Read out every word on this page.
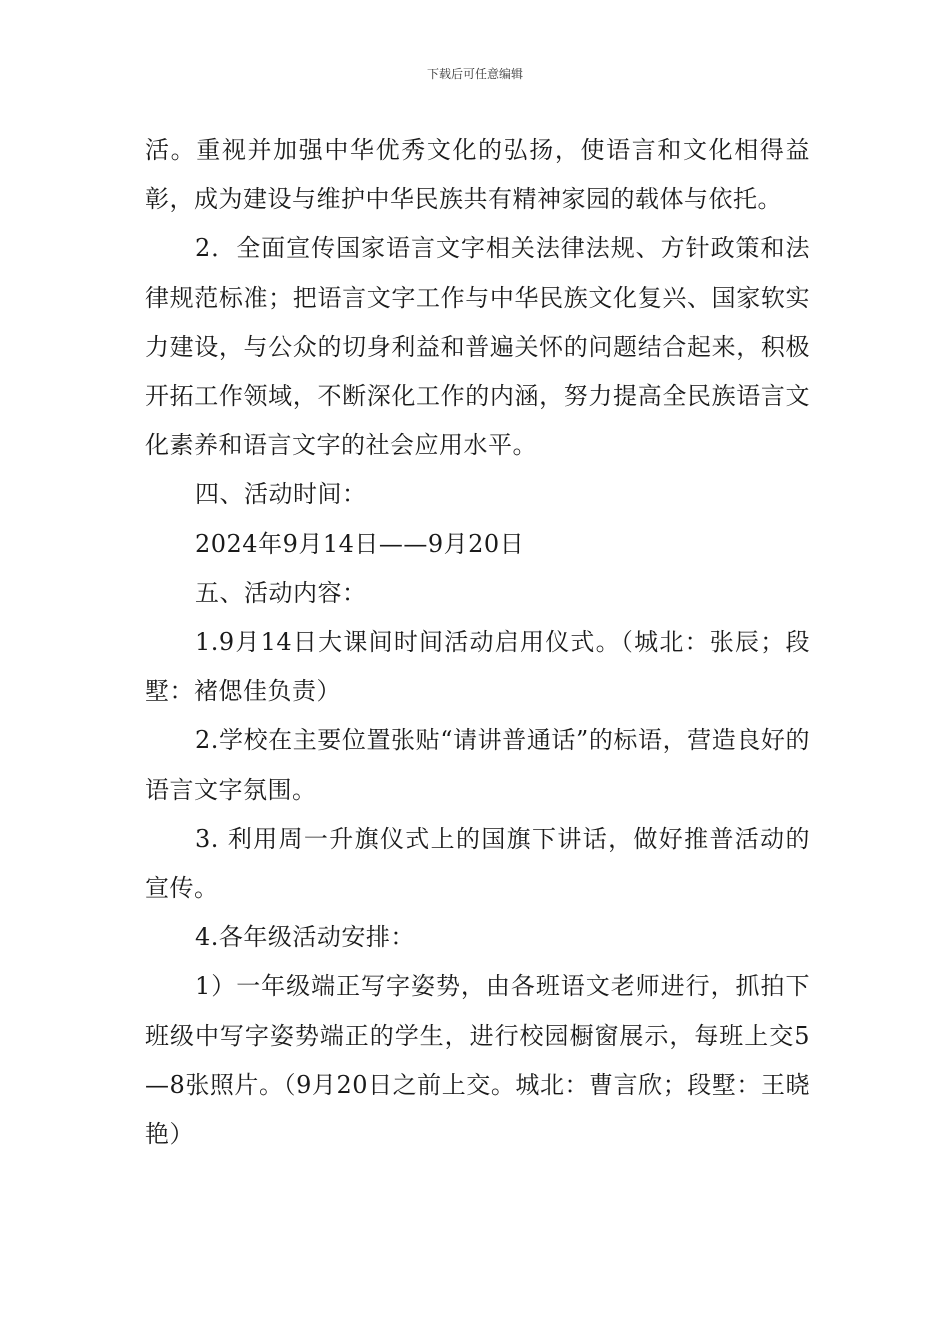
下载后可任意编辑

活。重视并加强中华优秀文化的弘扬，使语言和文化相得益彰，成为建设与维护中华民族共有精神家园的载体与依托。

2．全面宣传国家语言文字相关法律法规、方针政策和法律规范标准；把语言文字工作与中华民族文化复兴、国家软实力建设，与公众的切身利益和普遍关怀的问题结合起来，积极开拓工作领域，不断深化工作的内涵，努力提高全民族语言文化素养和语言文字的社会应用水平。

四、活动时间：

2024年9月14日——9月20日

五、活动内容：

1.9月14日大课间时间活动启用仪式。（城北：张辰；段墅：褚偲佳负责）

2.学校在主要位置张贴“请讲普通话”的标语，营造良好的语言文字氛围。

3. 利用周一升旗仪式上的国旗下讲话，做好推普活动的宣传。

4.各年级活动安排：

1）一年级端正写字姿势，由各班语文老师进行，抓拍下班级中写字姿势端正的学生，进行校园橱窗展示，每班上交5—8张照片。（9月20日之前上交。城北：曹言欣；段墅：王晓艳）
